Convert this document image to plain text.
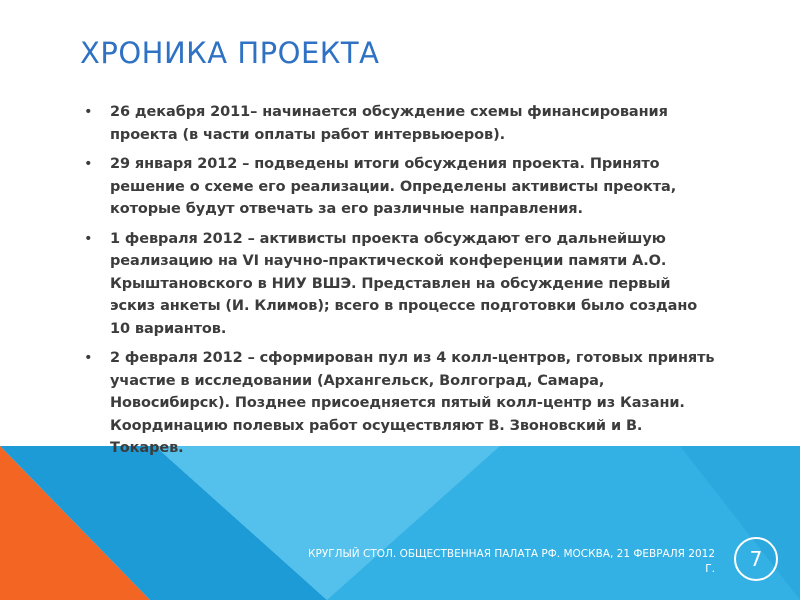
ХРОНИКА ПРОЕКТА
• 26 декабря 2011– начинается обсуждение схемы финансирования проекта (в части оплаты работ интервьюеров).
• 29 января 2012 – подведены итоги обсуждения проекта. Принято решение о схеме его реализации. Определены активисты преокта, которые будут отвечать за его различные направления.
• 1 февраля 2012 – активисты проекта обсуждают его дальнейшую реализацию на VI научно-практической конференции памяти А.О. Крыштановского в НИУ ВШЭ. Представлен на обсуждение первый эскиз анкеты (И. Климов); всего в процессе подготовки было создано 10 вариантов.
• 2 февраля 2012 – сформирован пул из 4 колл-центров, готовых принять участие в исследовании (Архангельск, Волгоград, Самара, Новосибирск). Позднее присоедняется пятый колл-центр из Казани. Координацию полевых работ осуществляют В. Звоновский и В. Токарев.
КРУГЛЫЙ СТОЛ. ОБЩЕСТВЕННАЯ ПАЛАТА РФ. МОСКВА, 21 ФЕВРАЛЯ 2012 Г. 7
